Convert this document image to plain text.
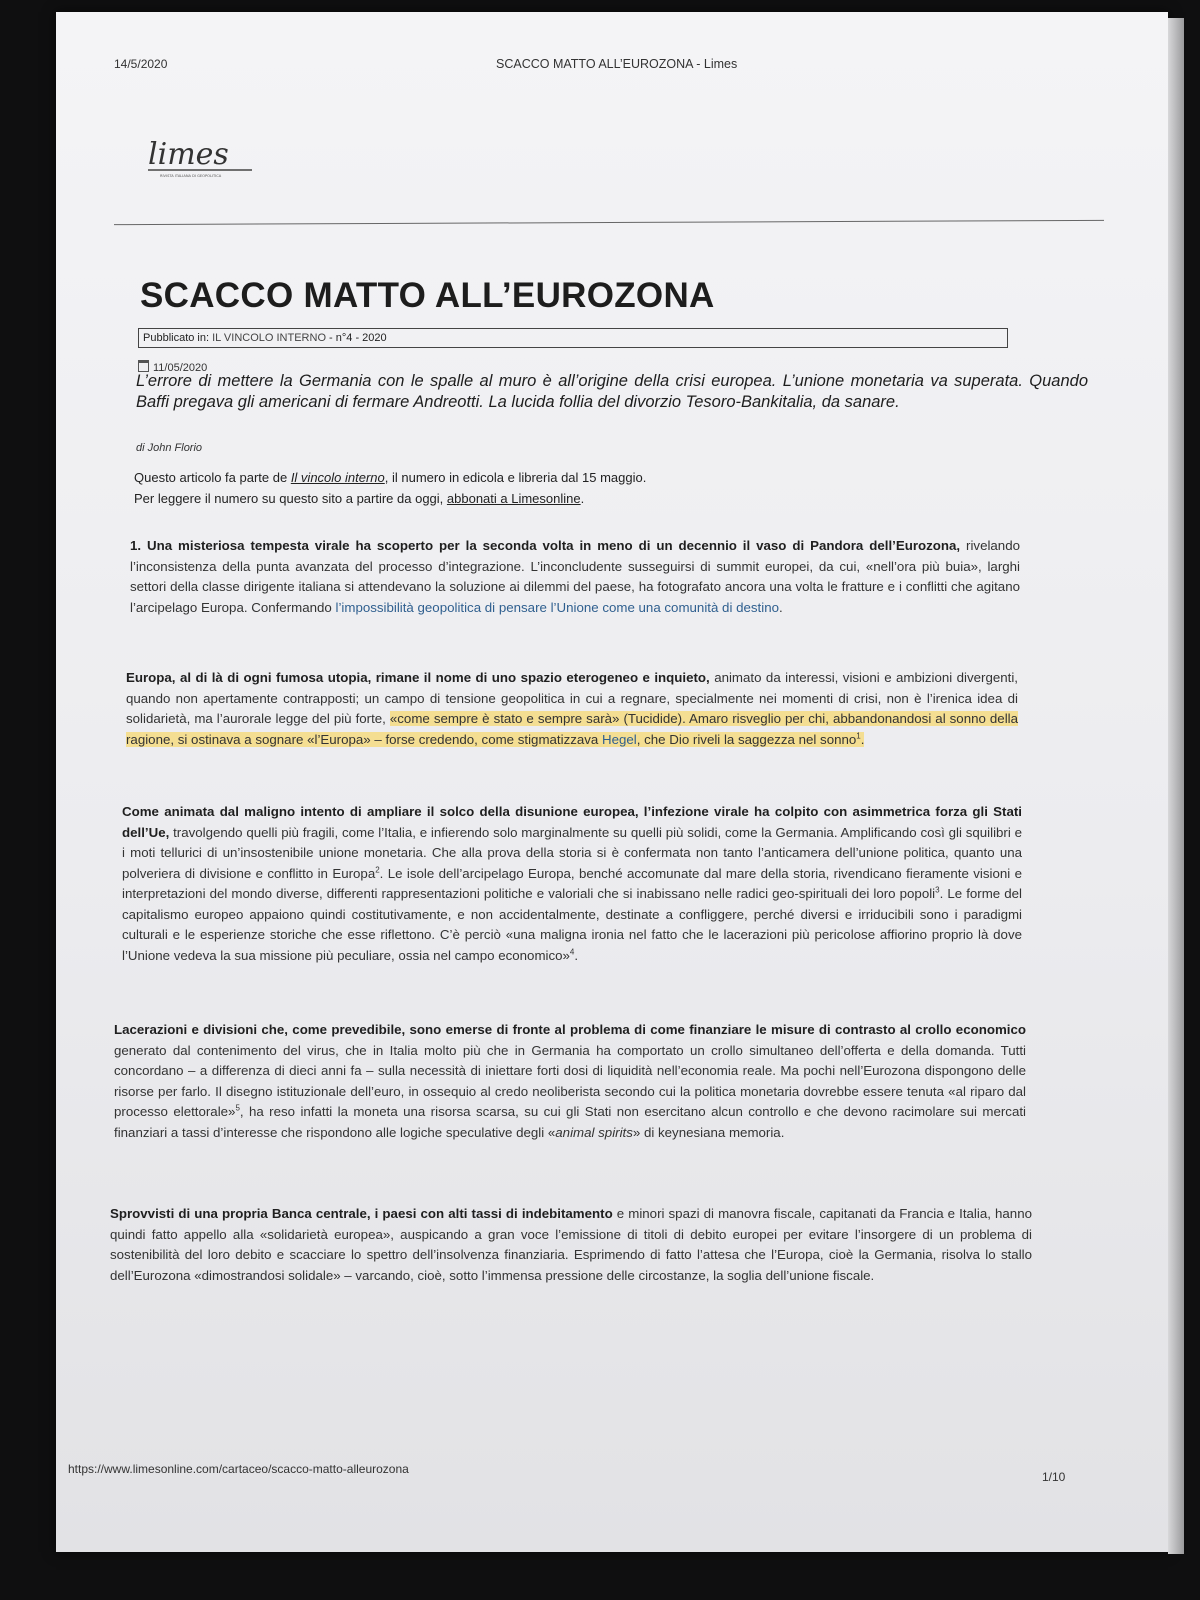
14/5/2020	SCACCO MATTO ALL’EUROZONA - Limes
limes
RIVISTA ITALIANA DI GEOPOLITICA
SCACCO MATTO ALL’EUROZONA
Pubblicato in: IL VINCOLO INTERNO - n°4 - 2020
11/05/2020
L’errore di mettere la Germania con le spalle al muro è all’origine della crisi europea. L’unione monetaria va superata. Quando Baffi pregava gli americani di fermare Andreotti. La lucida follia del divorzio Tesoro-Bankitalia, da sanare.
di John Florio
Questo articolo fa parte de Il vincolo interno, il numero in edicola e libreria dal 15 maggio.
Per leggere il numero su questo sito a partire da oggi, abbonati a Limesonline.

1. Una misteriosa tempesta virale ha scoperto per la seconda volta in meno di un decennio il vaso di Pandora dell’Eurozona, rivelando l’inconsistenza della punta avanzata del processo d’integrazione. L’inconcludente susseguirsi di summit europei, da cui, «nell’ora più buia», larghi settori della classe dirigente italiana si attendevano la soluzione ai dilemmi del paese, ha fotografato ancora una volta le fratture e i conflitti che agitano l’arcipelago Europa. Confermando l’impossibilità geopolitica di pensare l’Unione come una comunità di destino.

Europa, al di là di ogni fumosa utopia, rimane il nome di uno spazio eterogeneo e inquieto, animato da interessi, visioni e ambizioni divergenti, quando non apertamente contrapposti; un campo di tensione geopolitica in cui a regnare, specialmente nei momenti di crisi, non è l’irenica idea di solidarietà, ma l’aurorale legge del più forte, «come sempre è stato e sempre sarà» (Tucidide). Amaro risveglio per chi, abbandonandosi al sonno della ragione, si ostinava a sognare «l’Europa» – forse credendo, come stigmatizzava Hegel, che Dio riveli la saggezza nel sonno$^1$.

Come animata dal maligno intento di ampliare il solco della disunione europea, l’infezione virale ha colpito con asimmetrica forza gli Stati dell’Ue, travolgendo quelli più fragili, come l’Italia, e infierendo solo marginalmente su quelli più solidi, come la Germania. Amplificando così gli squilibri e i moti tellurici di un’insostenibile unione monetaria. Che alla prova della storia si è confermata non tanto l’anticamera dell’unione politica, quanto una polveriera di divisione e conflitto in Europa$^2$. Le isole dell’arcipelago Europa, benché accomunate dal mare della storia, rivendicano fieramente visioni e interpretazioni del mondo diverse, differenti rappresentazioni politiche e valoriali che si inabissano nelle radici geo-spirituali dei loro popoli$^3$. Le forme del capitalismo europeo appaiono quindi costitutivamente, e non accidentalmente, destinate a confliggere, perché diversi e irriducibili sono i paradigmi culturali e le esperienze storiche che esse riflettono. C’è perciò «una maligna ironia nel fatto che le lacerazioni più pericolose affiorino proprio là dove l’Unione vedeva la sua missione più peculiare, ossia nel campo economico»$^4$.

Lacerazioni e divisioni che, come prevedibile, sono emerse di fronte al problema di come finanziare le misure di contrasto al crollo economico generato dal contenimento del virus, che in Italia molto più che in Germania ha comportato un crollo simultaneo dell’offerta e della domanda. Tutti concordano – a differenza di dieci anni fa – sulla necessità di iniettare forti dosi di liquidità nell’economia reale. Ma pochi nell’Eurozona dispongono delle risorse per farlo. Il disegno istituzionale dell’euro, in ossequio al credo neoliberista secondo cui la politica monetaria dovrebbe essere tenuta «al riparo dal processo elettorale»$^5$, ha reso infatti la moneta una risorsa scarsa, su cui gli Stati non esercitano alcun controllo e che devono racimolare sui mercati finanziari a tassi d’interesse che rispondono alle logiche speculative degli «animal spirits» di keynesiana memoria.

Sprovvisti di una propria Banca centrale, i paesi con alti tassi di indebitamento e minori spazi di manovra fiscale, capitanati da Francia e Italia, hanno quindi fatto appello alla «solidarietà europea», auspicando a gran voce l’emissione di titoli di debito europei per evitare l’insorgere di un problema di sostenibilità del loro debito e scacciare lo spettro dell’insolvenza finanziaria. Esprimendo di fatto l’attesa che l’Europa, cioè la Germania, risolva lo stallo dell’Eurozona «dimostrandosi solidale» – varcando, cioè, sotto l’immensa pressione delle circostanze, la soglia dell’unione fiscale.

https://www.limesonline.com/cartaceo/scacco-matto-alleurozona
1/10
